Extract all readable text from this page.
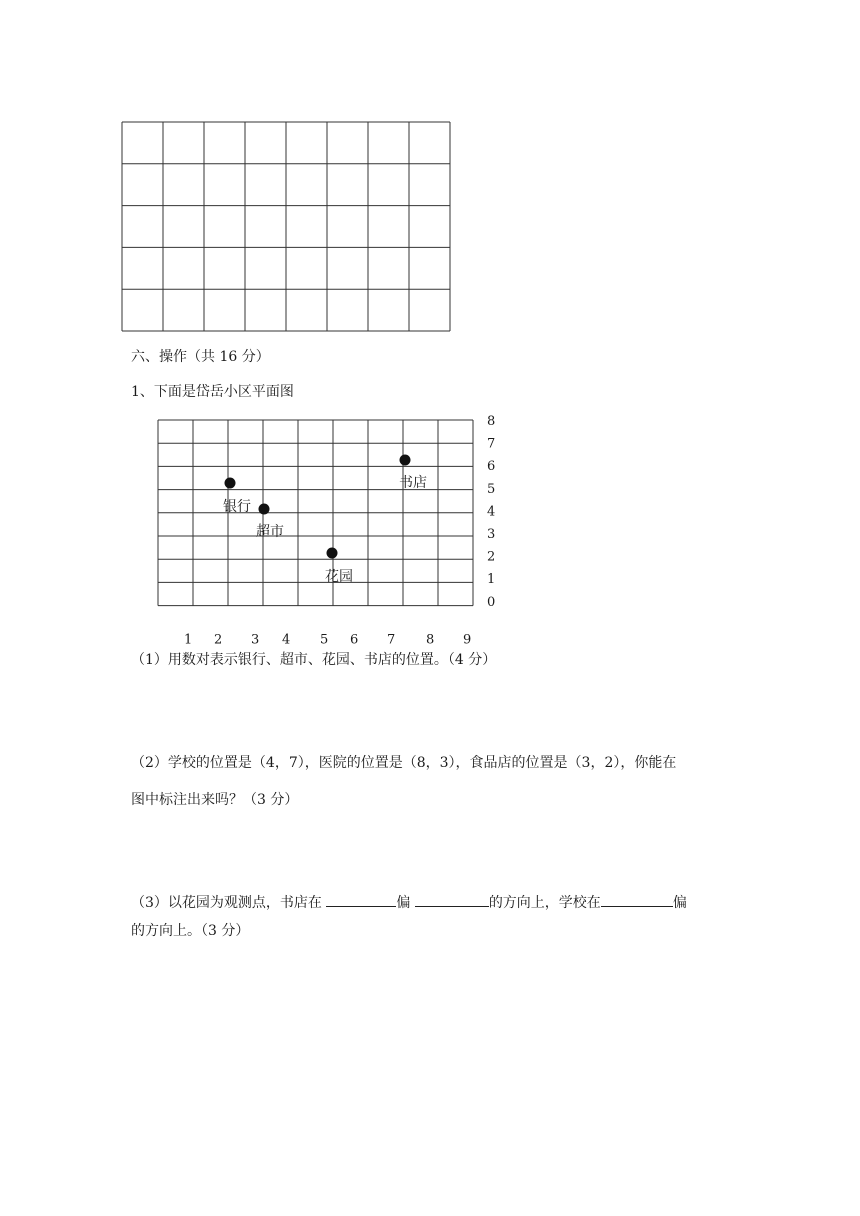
六、操作（共 16 分）
1、下面是岱岳小区平面图
8
7
6
5
4
3
2
1
0
1 2 3 4 5 6 7 8 9
银行
超市
花园
书店
（1）用数对表示银行、超市、花园、书店的位置。（4 分）
（2）学校的位置是（4，7），医院的位置是（8，3），食品店的位置是（3，2），你能在
图中标注出来吗？（3 分）
（3）以花园为观测点，书店在	偏	的方向上，学校在	偏
的方向上。（3 分）
